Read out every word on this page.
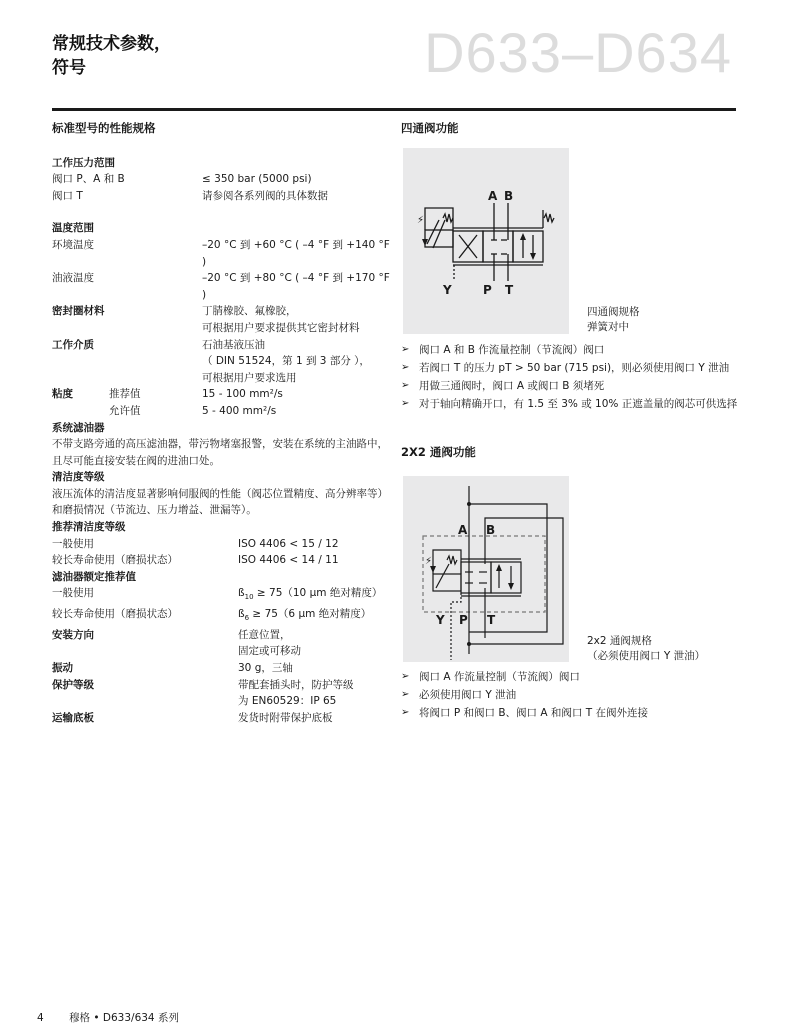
常规技术参数，
符号	D633–D634
标准型号的性能规格
工作压力范围
阀口 P、A 和 B	≤ 350 bar (5000 psi)
阀口 T	请参阅各系列阀的具体数据
温度范围
环境温度	–20 °C 到 +60 °C ( –4 °F 到 +140 °F )
油液温度	–20 °C 到 +80 °C ( –4 °F 到 +170 °F )
密封圈材料	丁腈橡胶、氟橡胶，
可根据用户要求提供其它密封材料
工作介质	石油基液压油
（ DIN 51524，第 1 到 3 部分 ），
可根据用户要求选用
粘度	推荐值	15 - 100 mm²/s
允许值	5 - 400 mm²/s
系统滤油器

不带支路旁通的高压滤油器，带污物堵塞报警，安装在系统的主油路中，且尽可能直接安装在阀的进油口处。

清洁度等级

液压流体的清洁度显著影响伺服阀的性能（阀芯位置精度、高分辨率等）和磨损情况（节流边、压力增益、泄漏等）。

推荐清洁度等级
一般使用	ISO 4406 < 15 / 12
较长寿命使用（磨损状态）	ISO 4406 < 14 / 11
滤油器额定推荐值
一般使用	$ß_{10} \ge 75(10$ μm 绝对精度）
较长寿命使用（磨损状态）	$ß_6 \ge 75(6$ μm 绝对精度）
安装方向	任意位置，
固定或可移动
振动	30 g，三轴
保护等级	带配套插头时，防护等级
为 EN60529：IP 65
运输底板	发货时附带保护底板
四通阀功能
⚡
A B
Y	P T
四通阀规格
弹簧对中
➢ 阀口 A 和 B 作流量控制（节流阀）阀口
➢ 若阀口 T 的压力 pT > 50 bar (715 psi)，则必须使用阀口 Y 泄油
➢ 用做三通阀时，阀口 A 或阀口 B 须堵死
➢ 对于轴向精确开口，有 1.5 至 3% 或 10% 正遮盖量的阀芯可供选择
2X2 通阀功能
⚡
A B
Y P T
2x2 通阀规格
（必须使用阀口 Y 泄油）
➢ 阀口 A 作流量控制（节流阀）阀口
➢ 必须使用阀口 Y 泄油
➢ 将阀口 P 和阀口 B、阀口 A 和阀口 T 在阀外连接
4 穆格 • D633/634 系列
